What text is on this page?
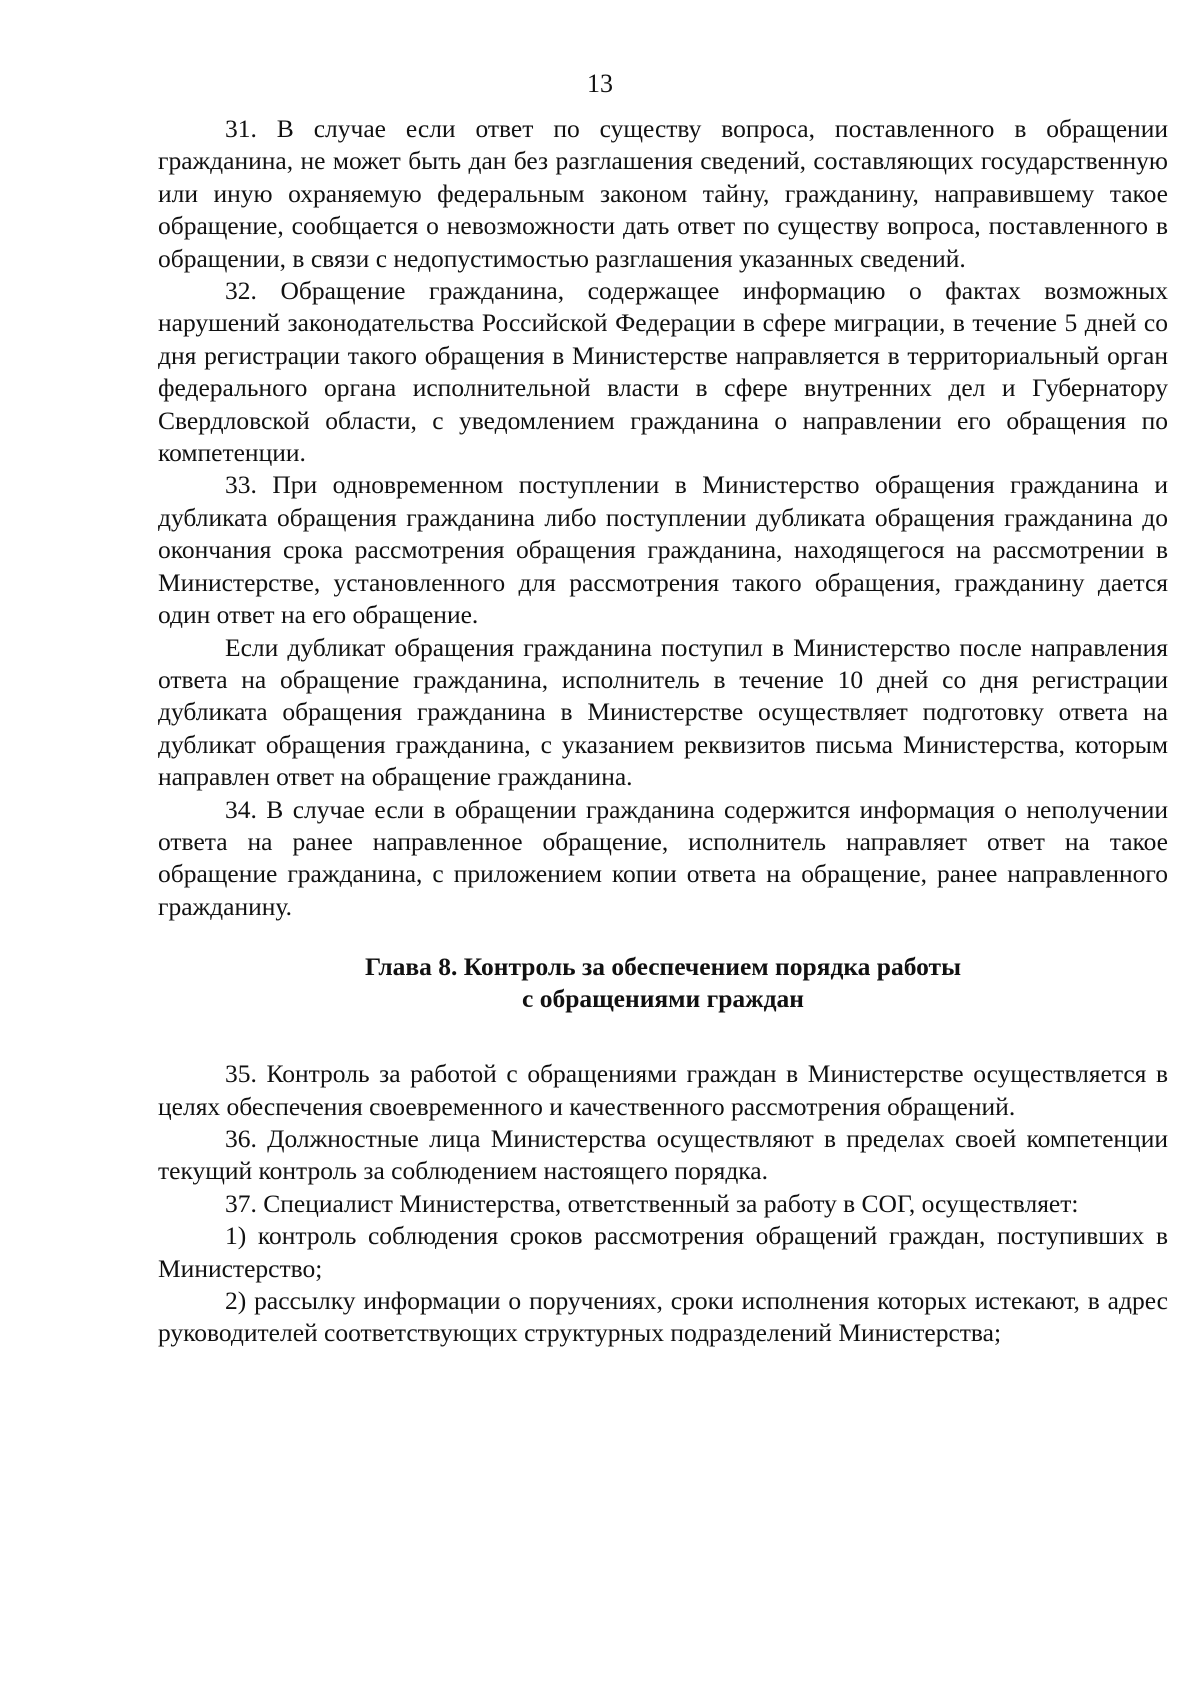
13

31. В случае если ответ по существу вопроса, поставленного в обращении гражданина, не может быть дан без разглашения сведений, составляющих государственную или иную охраняемую федеральным законом тайну, гражданину, направившему такое обращение, сообщается о невозможности дать ответ по существу вопроса, поставленного в обращении, в связи с недопустимостью разглашения указанных сведений.

32. Обращение гражданина, содержащее информацию о фактах возможных нарушений законодательства Российской Федерации в сфере миграции, в течение 5 дней со дня регистрации такого обращения в Министерстве направляется в территориальный орган федерального органа исполнительной власти в сфере внутренних дел и Губернатору Свердловской области, с уведомлением гражданина о направлении его обращения по компетенции.

33. При одновременном поступлении в Министерство обращения гражданина и дубликата обращения гражданина либо поступлении дубликата обращения гражданина до окончания срока рассмотрения обращения гражданина, находящегося на рассмотрении в Министерстве, установленного для рассмотрения такого обращения, гражданину дается один ответ на его обращение.

Если дубликат обращения гражданина поступил в Министерство после направления ответа на обращение гражданина, исполнитель в течение 10 дней со дня регистрации дубликата обращения гражданина в Министерстве осуществляет подготовку ответа на дубликат обращения гражданина, с указанием реквизитов письма Министерства, которым направлен ответ на обращение гражданина.

34. В случае если в обращении гражданина содержится информация о неполучении ответа на ранее направленное обращение, исполнитель направляет ответ на такое обращение гражданина, с приложением копии ответа на обращение, ранее направленного гражданину.

Глава 8. Контроль за обеспечением порядка работы
с обращениями граждан

35. Контроль за работой с обращениями граждан в Министерстве осуществляется в целях обеспечения своевременного и качественного рассмотрения обращений.

36. Должностные лица Министерства осуществляют в пределах своей компетенции текущий контроль за соблюдением настоящего порядка.

37. Специалист Министерства, ответственный за работу в СОГ, осуществляет:

1) контроль соблюдения сроков рассмотрения обращений граждан, поступивших в Министерство;

2) рассылку информации о поручениях, сроки исполнения которых истекают, в адрес руководителей соответствующих структурных подразделений Министерства;
